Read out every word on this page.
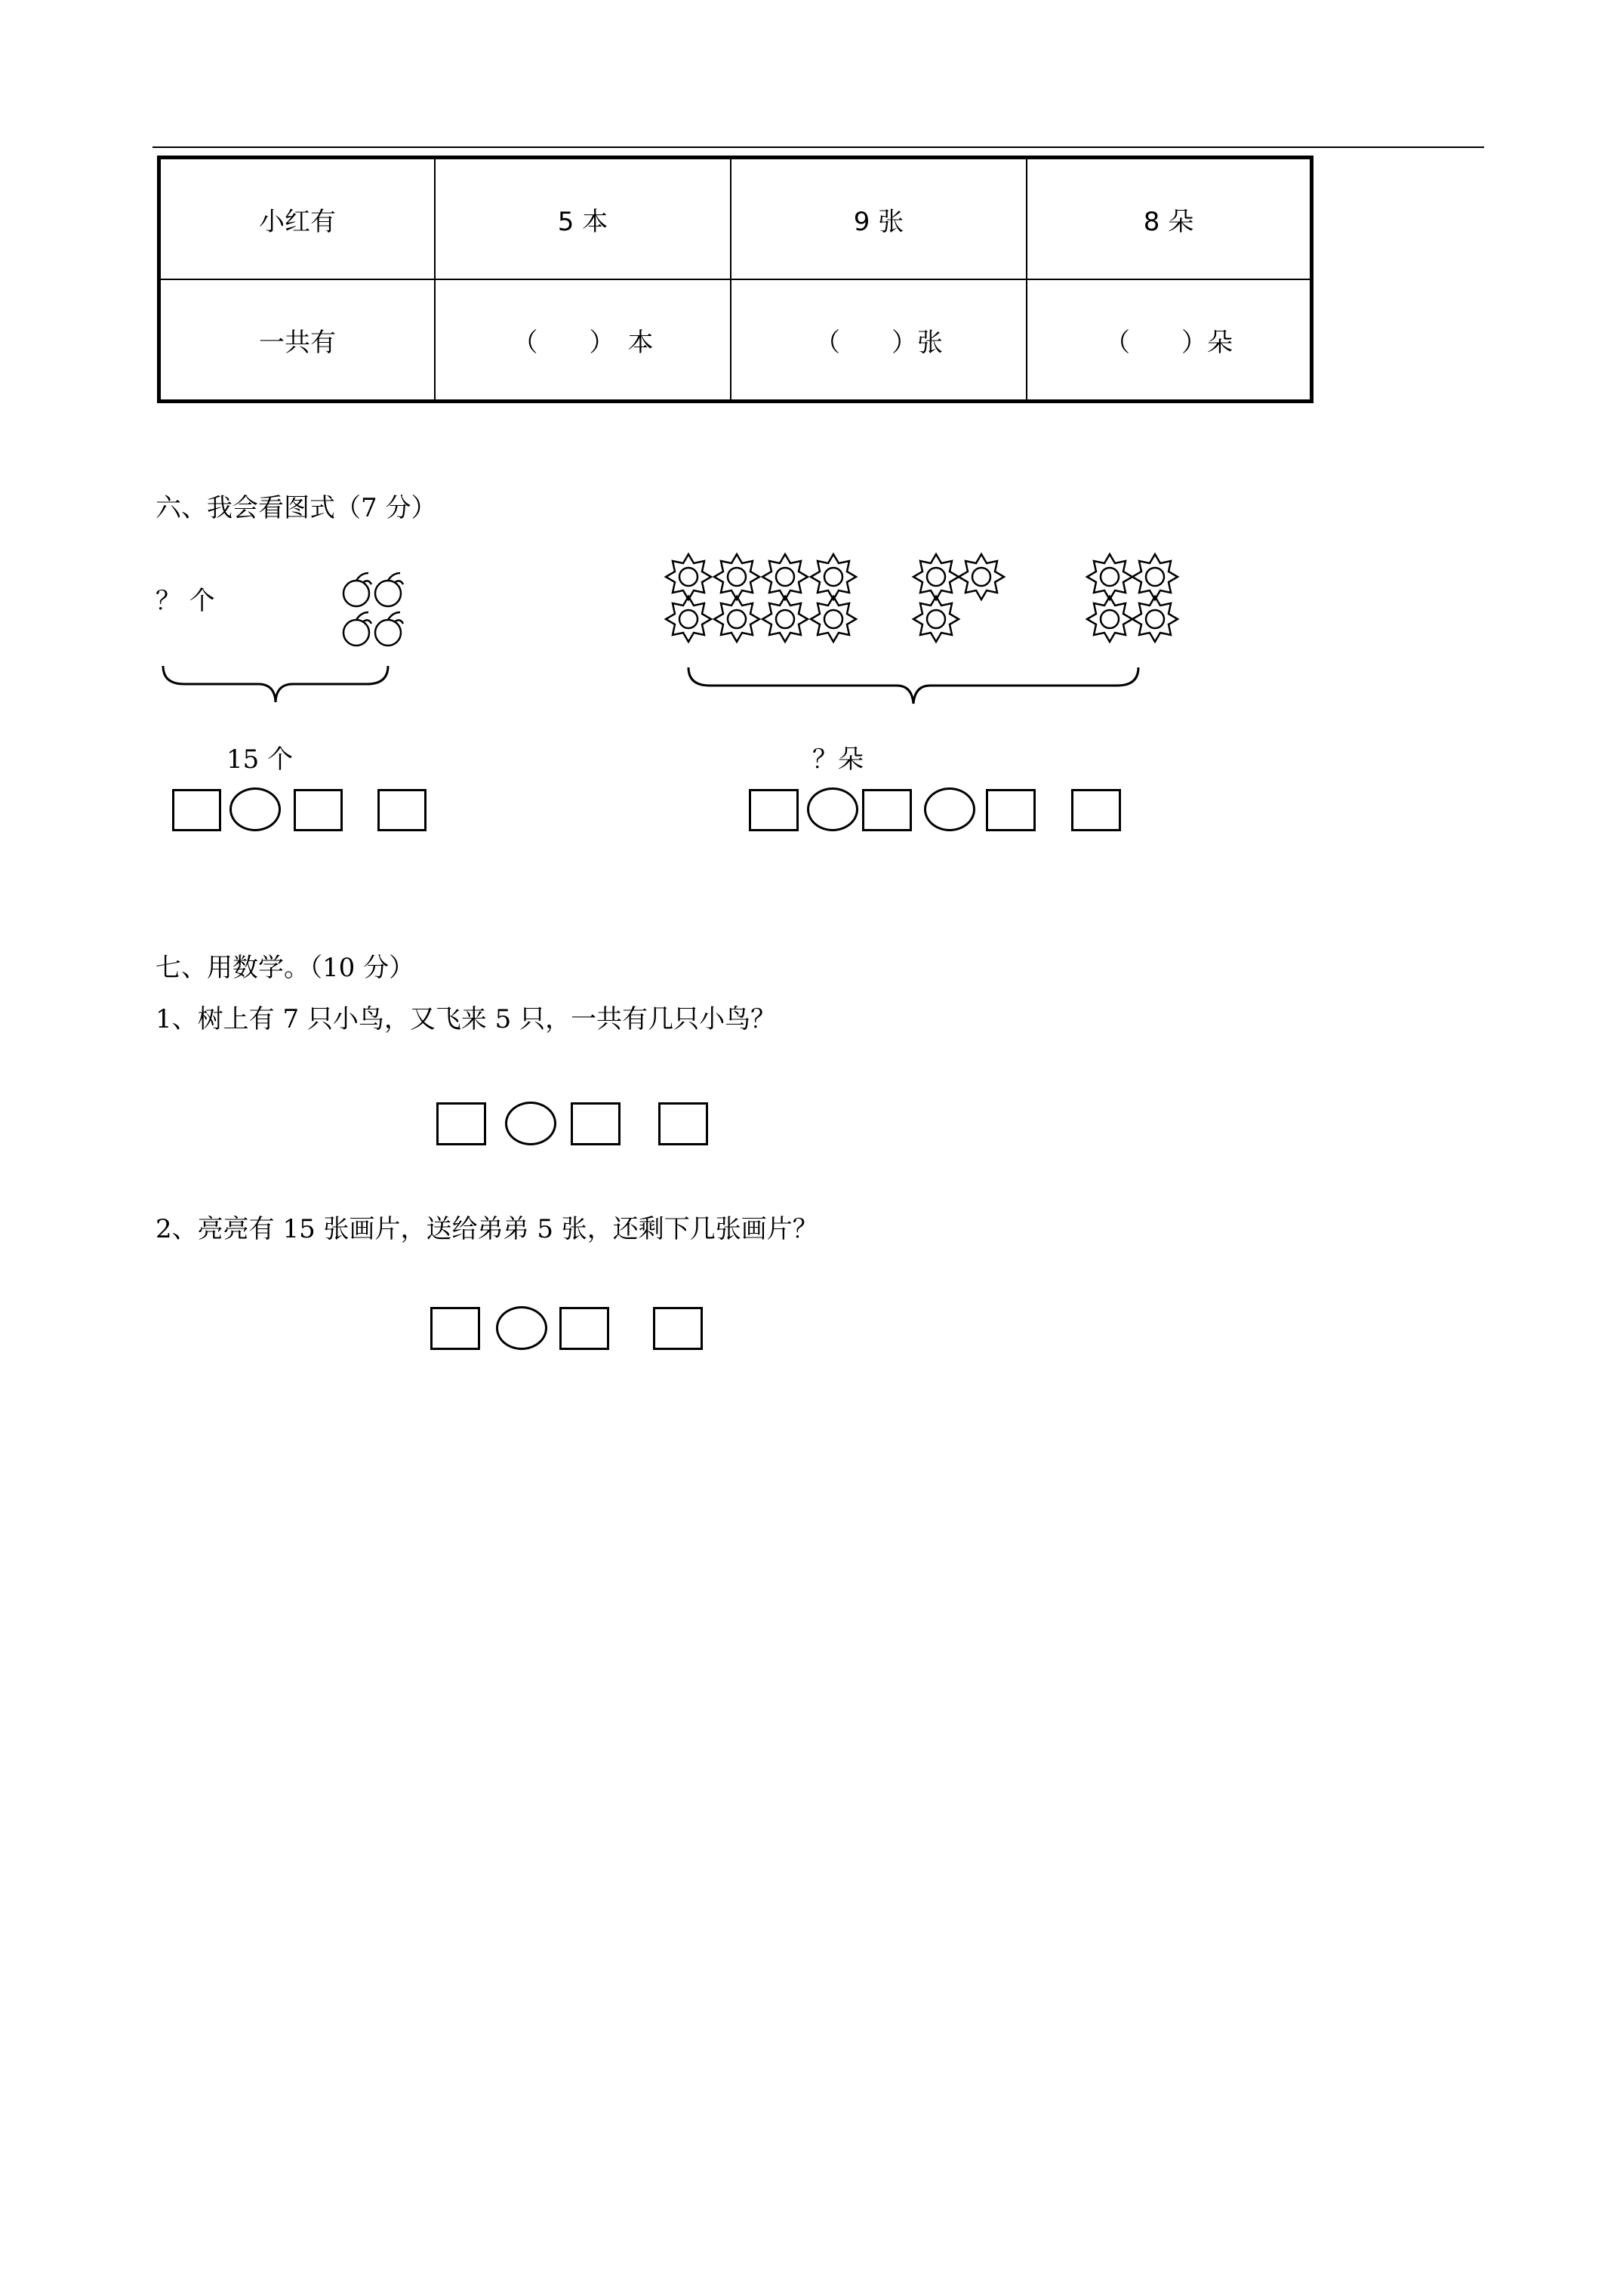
小红有	5 本	9 张	8 朵
一共有	（　　）　本	（　　）张	（　　）朵
六、我会看图式（7 分）
？ 个
15 个	？朵
七、用数学。（10 分）
1、树上有 7 只小鸟，又飞来 5 只，一共有几只小鸟？
2、亮亮有 15 张画片，送给弟弟 5 张，还剩下几张画片？
